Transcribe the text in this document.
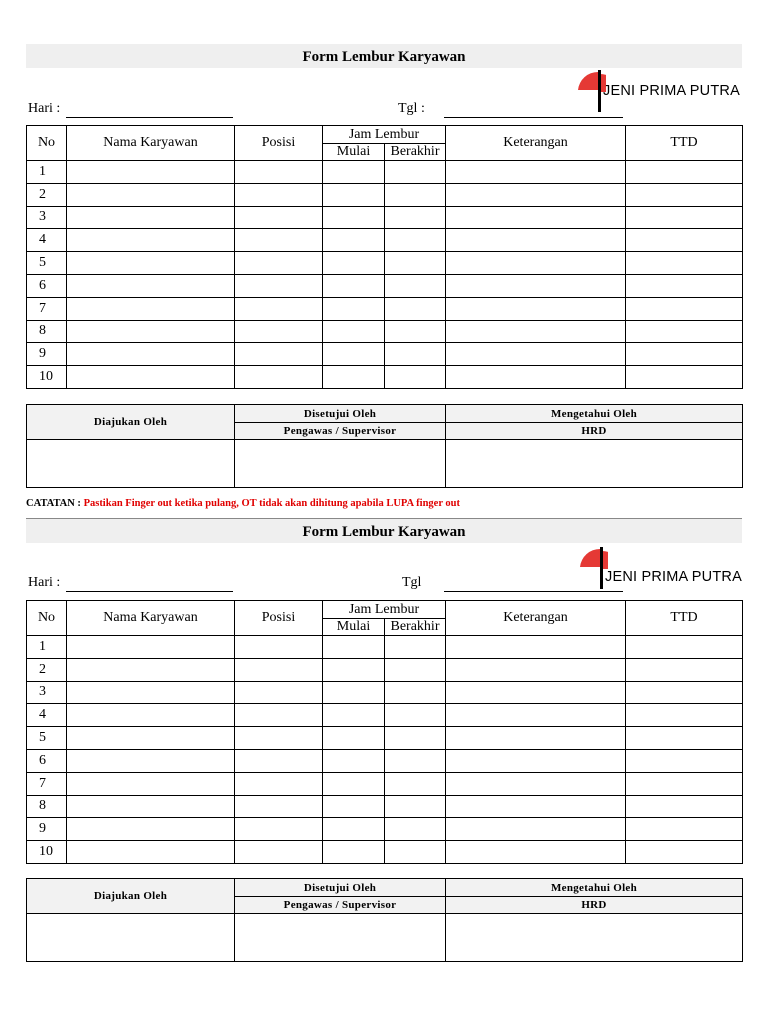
Form Lembur Karyawan
JENI PRIMA PUTRA
Hari :	Tgl :
No	Nama Karyawan	Posisi	Jam Lembur		Keterangan	TTD
			Mulai	Berakhir		
1						
2						
3						
4						
5						
6						
7						
8						
9						
10						
Diajukan Oleh	Disetujui Oleh	Mengetahui Oleh
	Pengawas / Supervisor	HRD

CATATAN : Pastikan Finger out ketika pulang, OT tidak akan dihitung apabila LUPA finger out
Form Lembur Karyawan
JENI PRIMA PUTRA
Hari :	Tgl
No	Nama Karyawan	Posisi	Jam Lembur		Keterangan	TTD
			Mulai	Berakhir		
1						
2						
3						
4						
5						
6						
7						
8						
9						
10						
Diajukan Oleh	Disetujui Oleh	Mengetahui Oleh
	Pengawas / Supervisor	HRD
